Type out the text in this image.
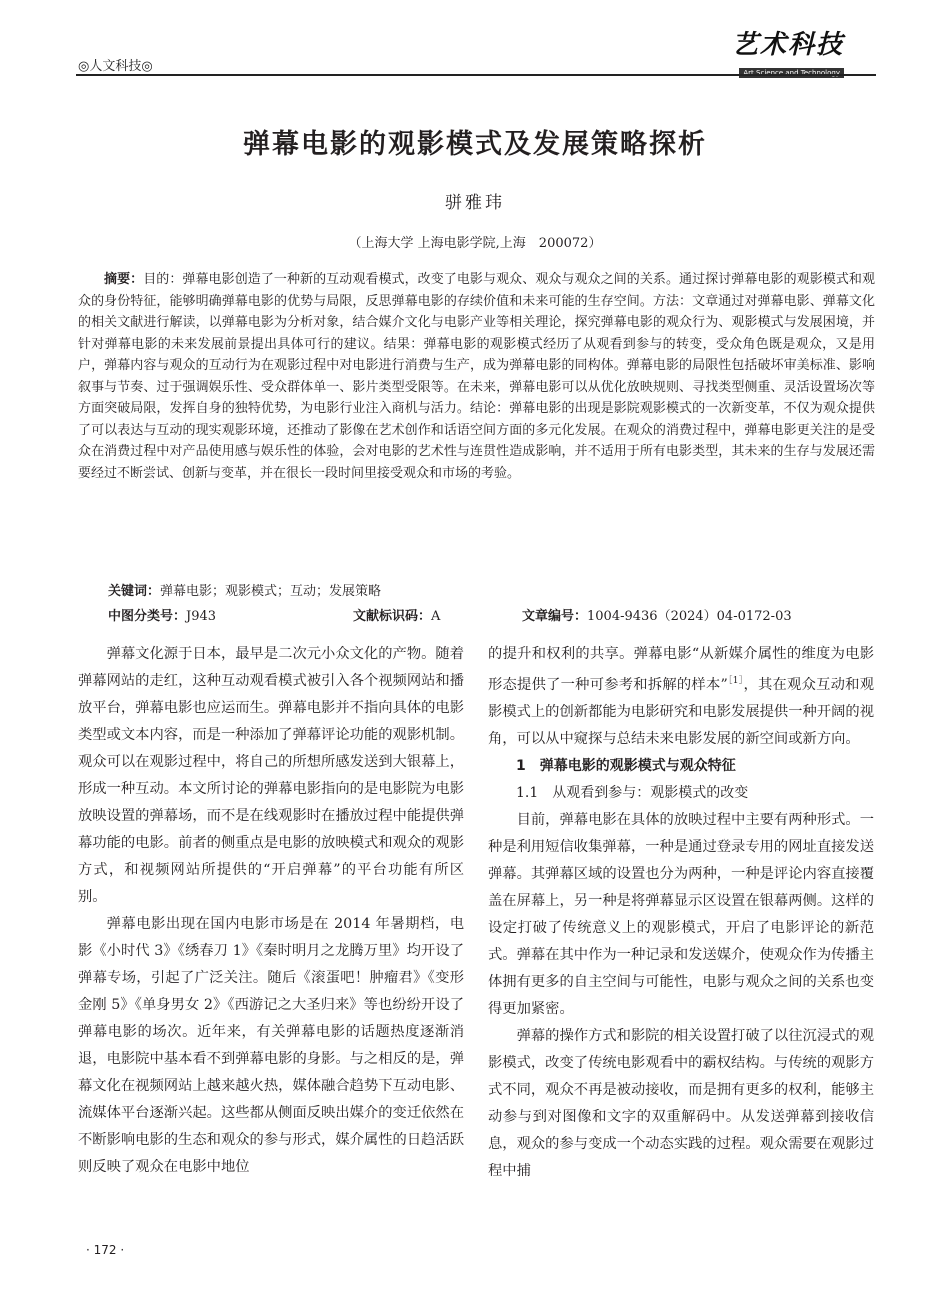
◎人文科技◎
艺术科技
Art Science and Technology
弹幕电影的观影模式及发展策略探析
骈雅玮
（上海大学 上海电影学院,上海　200072）

摘要：目的：弹幕电影创造了一种新的互动观看模式，改变了电影与观众、观众与观众之间的关系。通过探讨弹幕电影的观影模式和观众的身份特征，能够明确弹幕电影的优势与局限，反思弹幕电影的存续价值和未来可能的生存空间。方法：文章通过对弹幕电影、弹幕文化的相关文献进行解读，以弹幕电影为分析对象，结合媒介文化与电影产业等相关理论，探究弹幕电影的观众行为、观影模式与发展困境，并针对弹幕电影的未来发展前景提出具体可行的建议。结果：弹幕电影的观影模式经历了从观看到参与的转变，受众角色既是观众，又是用户，弹幕内容与观众的互动行为在观影过程中对电影进行消费与生产，成为弹幕电影的同构体。弹幕电影的局限性包括破坏审美标准、影响叙事与节奏、过于强调娱乐性、受众群体单一、影片类型受限等。在未来，弹幕电影可以从优化放映规则、寻找类型侧重、灵活设置场次等方面突破局限，发挥自身的独特优势，为电影行业注入商机与活力。结论：弹幕电影的出现是影院观影模式的一次新变革，不仅为观众提供了可以表达与互动的现实观影环境，还推动了影像在艺术创作和话语空间方面的多元化发展。在观众的消费过程中，弹幕电影更关注的是受众在消费过程中对产品使用感与娱乐性的体验，会对电影的艺术性与连贯性造成影响，并不适用于所有电影类型，其未来的生存与发展还需要经过不断尝试、创新与变革，并在很长一段时间里接受观众和市场的考验。

关键词：弹幕电影；观影模式；互动；发展策略
中图分类号：J943	文献标识码：A	文章编号：1004-9436（2024）04-0172-03

弹幕文化源于日本，最早是二次元小众文化的产物。随着弹幕网站的走红，这种互动观看模式被引入各个视频网站和播放平台，弹幕电影也应运而生。弹幕电影并不指向具体的电影类型或文本内容，而是一种添加了弹幕评论功能的观影机制。观众可以在观影过程中，将自己的所想所感发送到大银幕上，形成一种互动。本文所讨论的弹幕电影指向的是电影院为电影放映设置的弹幕场，而不是在线观影时在播放过程中能提供弹幕功能的电影。前者的侧重点是电影的放映模式和观众的观影方式，和视频网站所提供的“开启弹幕”的平台功能有所区别。

弹幕电影出现在国内电影市场是在 2014 年暑期档，电影《小时代 3》《绣春刀 1》《秦时明月之龙腾万里》均开设了弹幕专场，引起了广泛关注。随后《滚蛋吧！肿瘤君》《变形金刚 5》《单身男女 2》《西游记之大圣归来》等也纷纷开设了弹幕电影的场次。近年来，有关弹幕电影的话题热度逐渐消退，电影院中基本看不到弹幕电影的身影。与之相反的是，弹幕文化在视频网站上越来越火热，媒体融合趋势下互动电影、流媒体平台逐渐兴起。这些都从侧面反映出媒介的变迁依然在不断影响电影的生态和观众的参与形式，媒介属性的日趋活跃则反映了观众在电影中地位

的提升和权利的共享。弹幕电影“从新媒介属性的维度为电影形态提供了一种可参考和拆解的样本”$^{[1]}$，其在观众互动和观影模式上的创新都能为电影研究和电影发展提供一种开阔的视角，可以从中窥探与总结未来电影发展的新空间或新方向。

1　弹幕电影的观影模式与观众特征

1.1　从观看到参与：观影模式的改变

目前，弹幕电影在具体的放映过程中主要有两种形式。一种是利用短信收集弹幕，一种是通过登录专用的网址直接发送弹幕。其弹幕区域的设置也分为两种，一种是评论内容直接覆盖在屏幕上，另一种是将弹幕显示区设置在银幕两侧。这样的设定打破了传统意义上的观影模式，开启了电影评论的新范式。弹幕在其中作为一种记录和发送媒介，使观众作为传播主体拥有更多的自主空间与可能性，电影与观众之间的关系也变得更加紧密。

弹幕的操作方式和影院的相关设置打破了以往沉浸式的观影模式，改变了传统电影观看中的霸权结构。与传统的观影方式不同，观众不再是被动接收，而是拥有更多的权利，能够主动参与到对图像和文字的双重解码中。从发送弹幕到接收信息，观众的参与变成一个动态实践的过程。观众需要在观影过程中捕

· 172 ·
